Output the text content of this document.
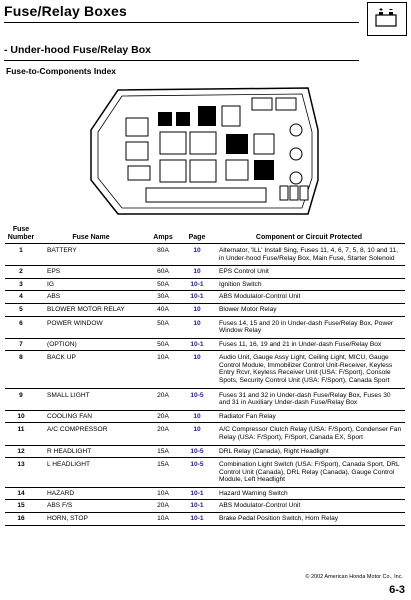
Fuse/Relay Boxes
- Under-hood Fuse/Relay Box
Fuse-to-Components Index
Fuse Number	Fuse Name	Amps	Page	Component or Circuit Protected
1	BATTERY	80A	10	Alternator, 'ILL' Install Sing, Fuses 11, 4, 6, 7, 5, 8, 10 and 11, in Under-hood Fuse/Relay Box, Main Fuse, Starter Solenoid
2	EPS	60A	10	EPS Control Unit
3	IG	50A	10-1	Ignition Switch
4	ABS	30A	10-1	ABS Modulator-Control Unit
5	BLOWER MOTOR RELAY	40A	10	Blower Motor Relay
6	POWER WINDOW	50A	10	Fuses 14, 15 and 20 in Under-dash Fuse/Relay Box, Power Window Relay
7	(OPTION)	50A	10-1	Fuses 11, 16, 19 and 21 in Under-dash Fuse/Relay Box
8	BACK UP	10A	10	Audio Unit, Gauge Assy Light, Ceiling Light, MICU, Gauge Control Module, Immobilizer Control Unit-Receiver, Keyless Entry Rcvr, Keyless Receiver Unit (USA: F/Sport), Console Spots, Security Control Unit (USA: F/Sport), Canada Sport
9	SMALL LIGHT	20A	10-5	Fuses 31 and 32 in Under-dash Fuse/Relay Box, Fuses 30 and 31 in Auxiliary Under-dash Fuse/Relay Box
10	COOLING FAN	20A	10	Radiator Fan Relay
11	A/C COMPRESSOR	20A	10	A/C Compressor Clutch Relay (USA: F/Sport), Condenser Fan Relay (USA: F/Sport), F/Sport, Canada EX, Sport
12	R HEADLIGHT	15A	10-5	DRL Relay (Canada), Right Headlight
13	L HEADLIGHT	15A	10-5	Combination Light Switch (USA: F/Sport), Canada Sport, DRL Control Unit (Canada), DRL Relay (Canada), Gauge Control Module, Left Headlight
14	HAZARD	10A	10-1	Hazard Warning Switch
15	ABS F/S	20A	10-1	ABS Modulator-Control Unit
16	HORN, STOP	10A	10-1	Brake Pedal Position Switch, Horn Relay
© 2002 American Honda Motor Co., Inc.
6-3
